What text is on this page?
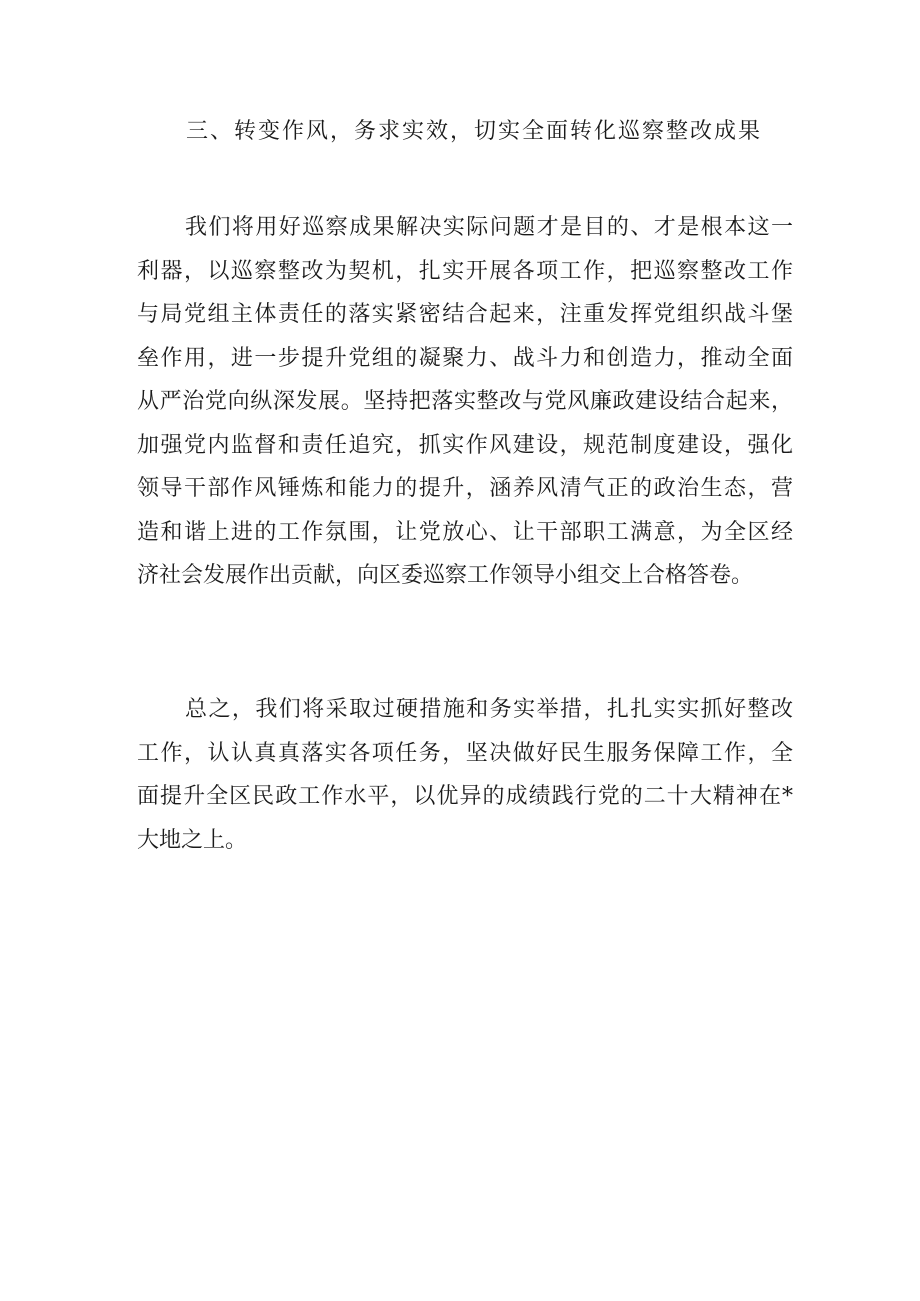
三、转变作风，务求实效，切实全面转化巡察整改成果
我们将用好巡察成果解决实际问题才是目的、才是根本这一
利器，以巡察整改为契机，扎实开展各项工作，把巡察整改工作
与局党组主体责任的落实紧密结合起来，注重发挥党组织战斗堡
垒作用，进一步提升党组的凝聚力、战斗力和创造力，推动全面
从严治党向纵深发展。坚持把落实整改与党风廉政建设结合起来，
加强党内监督和责任追究，抓实作风建设，规范制度建设，强化
领导干部作风锤炼和能力的提升，涵养风清气正的政治生态，营
造和谐上进的工作氛围，让党放心、让干部职工满意，为全区经
济社会发展作出贡献，向区委巡察工作领导小组交上合格答卷。
总之，我们将采取过硬措施和务实举措，扎扎实实抓好整改
工作，认认真真落实各项任务，坚决做好民生服务保障工作，全
面提升全区民政工作水平，以优异的成绩践行党的二十大精神在*
大地之上。
